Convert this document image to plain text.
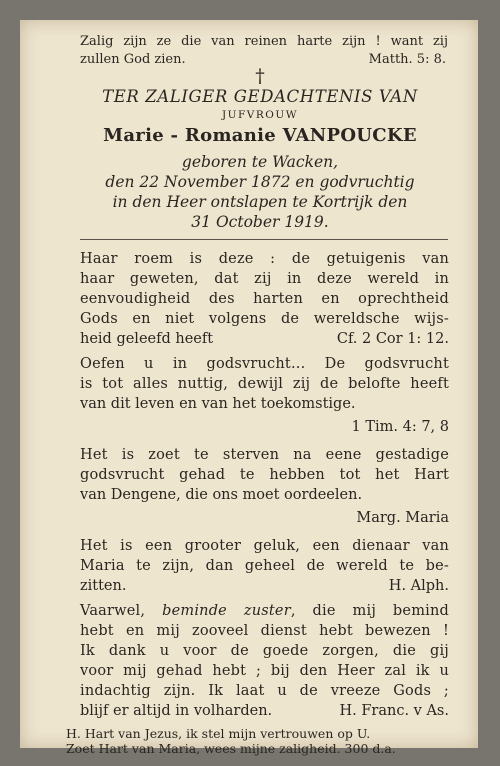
Zalig zijn ze die van reinen harte zijn ! want zij
zullen God zien.	Matth. 5: 8.
†
TER ZALIGER GEDACHTENIS VAN
JUFVROUW
Marie - Romanie VANPOUCKE
geboren te Wacken,
den 22 November 1872 en godvruchtig
in den Heer ontslapen te Kortrijk den
31 October 1919.
Haar roem is deze : de getuigenis van
haar geweten, dat zij in deze wereld in
eenvoudigheid des harten en oprechtheid
Gods en niet volgens de wereldsche wijs-
heid geleefd heeft	Cf. 2 Cor 1: 12.
Oefen u in godsvrucht... De godsvrucht
is tot alles nuttig, dewijl zij de belofte heeft
van dit leven en van het toekomstige.
1 Tim. 4: 7, 8
Het is zoet te sterven na eene gestadige
godsvrucht gehad te hebben tot het Hart
van Dengene, die ons moet oordeelen.
Marg. Maria
Het is een grooter geluk, een dienaar van
Maria te zijn, dan geheel de wereld te be-
zitten.	H. Alph.
Vaarwel, beminde zuster, die mij bemind
hebt en mij zooveel dienst hebt bewezen !
Ik dank u voor de goede zorgen, die gij
voor mij gehad hebt ; bij den Heer zal ik u
indachtig zijn. Ik laat u de vreeze Gods ;
blijf er altijd in volharden.	H. Franc. v As.
H. Hart van Jezus, ik stel mijn vertrouwen op U.
Zoet Hart van Maria, wees mijne zaligheid. 300 d.a.
